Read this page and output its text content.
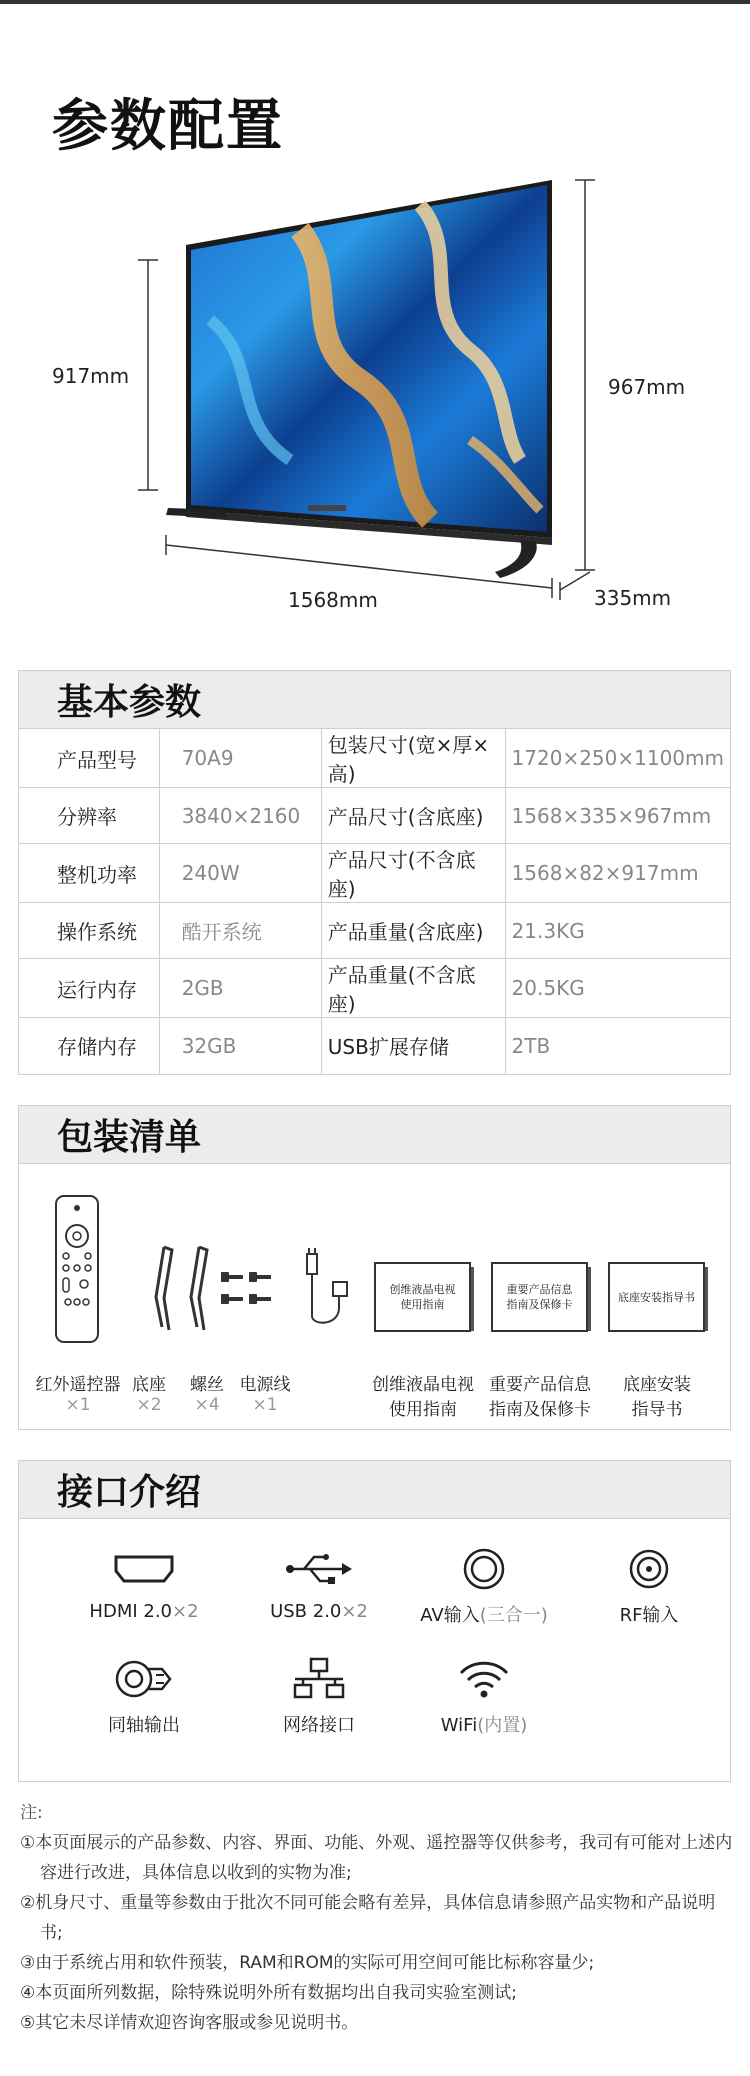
参数配置
917mm	967mm
1568mm	335mm
基本参数
产品型号	70A9	包装尺寸(宽×厚×高)	1720×250×1100mm
分辨率	3840×2160	产品尺寸(含底座)	1568×335×967mm
整机功率	240W	产品尺寸(不含底座)	1568×82×917mm
操作系统	酷开系统	产品重量(含底座)	21.3KG
运行内存	2GB	产品重量(不含底座)	20.5KG
存储内存	32GB	USB扩展存储	2TB
包装清单
创维液晶电视
使用指南
重要产品信息
指南及保修卡
底座安装指导书
红外遥控器
×1
底座
×2
螺丝
×4
电源线
×1
创维液晶电视
使用指南
重要产品信息
指南及保修卡
底座安装
指导书
接口介绍
HDMI 2.0×2	USB 2.0×2	AV输入(三合一)	RF输入
同轴输出	网络接口	WiFi(内置)
注:
①本页面展示的产品参数、内容、界面、功能、外观、遥控器等仅供参考，我司有可能对上述内容进行改进，具体信息以收到的实物为准;
②机身尺寸、重量等参数由于批次不同可能会略有差异，具体信息请参照产品实物和产品说明书;
③由于系统占用和软件预装，RAM和ROM的实际可用空间可能比标称容量少;
④本页面所列数据，除特殊说明外所有数据均出自我司实验室测试;
⑤其它未尽详情欢迎咨询客服或参见说明书。
